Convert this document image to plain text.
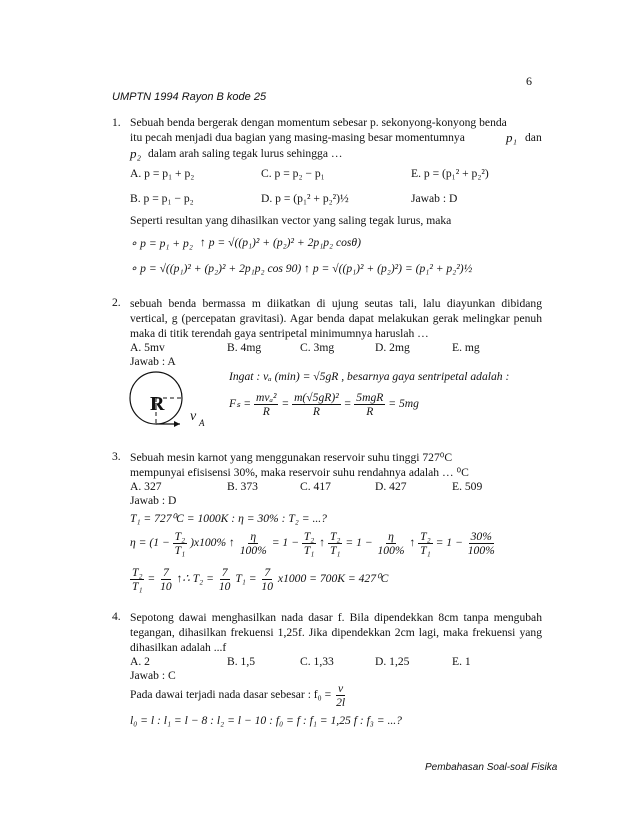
6
UMPTN 1994 Rayon B kode 25
1. Sebuah benda bergerak dengan momentum sebesar p. sekonyong-konyong benda
itu pecah menjadi dua bagian yang masing-masing besar momentumnya	p₁ dan
p₂ dalam arah saling tegak lurus sehingga …
A. p = p₁ + p₂	C. p = p₂ − p₁	E. p = (p₁² + p₂²)
B. p = p₁ − p₂	D. p = (p₁² + p₂²)½	Jawab : D
Seperti resultan yang dihasilkan vector yang saling tegak lurus, maka
∘ p = p₁ + p₂ ↑ p = √((p₁)² + (p₂)² + 2p₁p₂ cosθ)
∘ p = √((p₁)² + (p₂)² + 2p₁p₂ cos 90) ↑ p = √((p₁)² + (p₂)²) = (p₁² + p₂²)½
2. sebuah benda bermassa m diikatkan di ujung seutas tali, lalu diayunkan dibidang vertical, g (percepatan gravitasi). Agar benda dapat melakukan gerak melingkar penuh maka di titik terendah gaya sentripetal minimumnya haruslah …
A. 5mv	B. 4mg	C. 3mg	D. 2mg	E. mg
Jawab : A
R
v A
Ingat : vₐ (min) = √5gR , besarnya gaya sentripetal adalah :
$F_s = \frac{\text{mvₐ²}}{R} = \frac{\text{m(√5gR)²}}{R} = \frac{\text{5mgR}}{R} = 5mg$
3. Sebuah mesin karnot yang menggunakan reservoir suhu tinggi 727⁰C
mempunyai efisisensi 30%, maka reservoir suhu rendahnya adalah … ⁰C
A. 327	B. 373	C. 417	D. 427	E. 509
Jawab : D
T₁ = 727⁰C = 1000K : η = 30% : T₂ = ...?
$\eta = (1 - \frac{\text{T₂}}{\text{T₁}} )x100\%$ ↑ $\frac{\eta}{100\%} = 1 - \frac{\text{T₂}}{\text{T₁}}$ ↑ $\frac{\text{T₂}}{\text{T₁}} = 1 - \frac{\eta}{100\%}$ ↑ $\frac{\text{T₂}}{\text{T₁}} = 1 - \frac{30\%}{100\%}$
$\frac{\text{T₂}}{\text{T₁}} = \frac{7}{10}$ ↑∴ $T_2 = \frac{7}{10} T_1 = \frac{7}{10} x1000 = 700K = 427^0C$
4. Sepotong dawai menghasilkan nada dasar f. Bila dipendekkan 8cm tanpa mengubah tegangan, dihasilkan frekuensi 1,25f. Jika dipendekkan 2cm lagi, maka frekuensi yang dihasilkan adalah ...f
A. 2	B. 1,5	C. 1,33	D. 1,25	E. 1
Jawab : C
Pada dawai terjadi nada dasar sebesar : $f_0 = \frac{v}{2l}$
l₀ = l : l₁ = l − 8 : l₂ = l − 10 : f₀ = f : f₁ = 1,25 f : f₃ = ...?
Pembahasan Soal-soal Fisika
